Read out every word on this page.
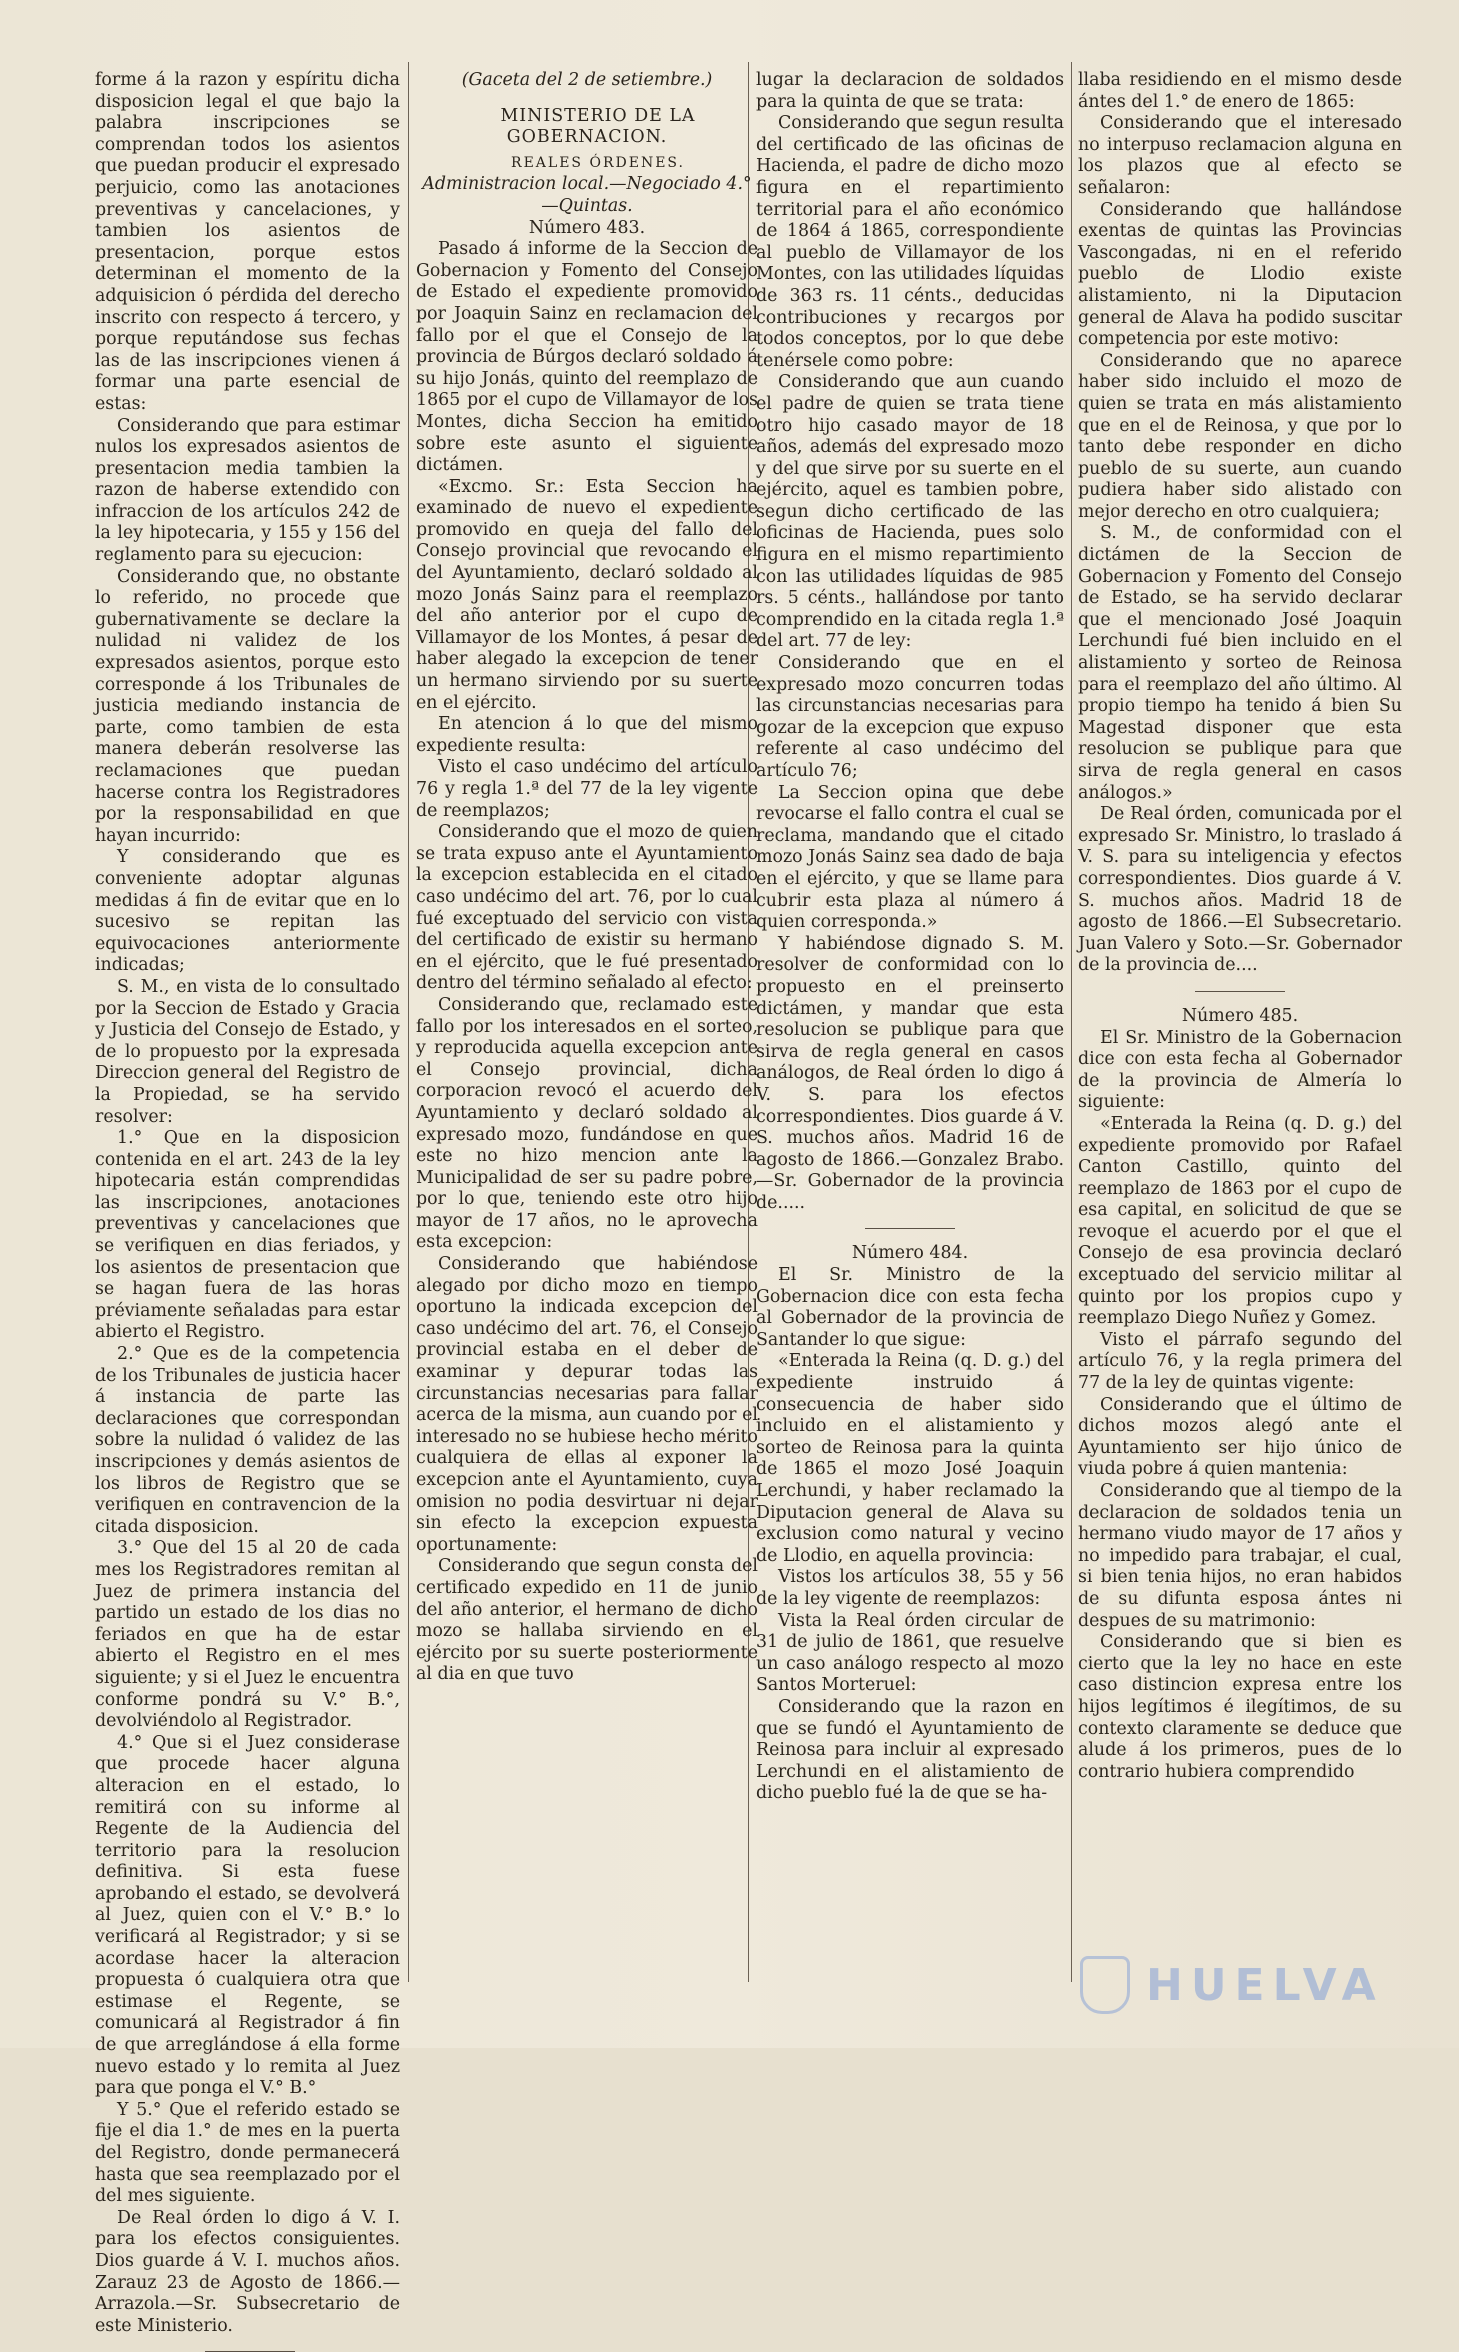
forme á la razon y espíritu dicha disposicion legal el que bajo la palabra inscripciones se comprendan todos los asientos que puedan producir el expresado perjuicio, como las anotaciones preventivas y cancelaciones, y tambien los asientos de presentacion, porque estos determinan el momento de la adquisicion ó pérdida del derecho inscrito con respecto á tercero, y porque reputándose sus fechas las de las inscripciones vienen á formar una parte esencial de estas:

Considerando que para estimar nulos los expresados asientos de presentacion media tambien la razon de haberse extendido con infraccion de los artículos 242 de la ley hipotecaria, y 155 y 156 del reglamento para su ejecucion:

Considerando que, no obstante lo referido, no procede que gubernativamente se declare la nulidad ni validez de los expresados asientos, porque esto corresponde á los Tribunales de justicia mediando instancia de parte, como tambien de esta manera deberán resolverse las reclamaciones que puedan hacerse contra los Registradores por la responsabilidad en que hayan incurrido:

Y considerando que es conveniente adoptar algunas medidas á fin de evitar que en lo sucesivo se repitan las equivocaciones anteriormente indicadas;

S. M., en vista de lo consultado por la Seccion de Estado y Gracia y Justicia del Consejo de Estado, y de lo propuesto por la expresada Direccion general del Registro de la Propiedad, se ha servido resolver:

1.° Que en la disposicion contenida en el art. 243 de la ley hipotecaria están comprendidas las inscripciones, anotaciones preventivas y cancelaciones que se verifiquen en dias feriados, y los asientos de presentacion que se hagan fuera de las horas préviamente señaladas para estar abierto el Registro.

2.° Que es de la competencia de los Tribunales de justicia hacer á instancia de parte las declaraciones que correspondan sobre la nulidad ó validez de las inscripciones y demás asientos de los libros de Registro que se verifiquen en contravencion de la citada disposicion.

3.° Que del 15 al 20 de cada mes los Registradores remitan al Juez de primera instancia del partido un estado de los dias no feriados en que ha de estar abierto el Registro en el mes siguiente; y si el Juez le encuentra conforme pondrá su V.° B.°, devolviéndolo al Registrador.

4.° Que si el Juez considerase que procede hacer alguna alteracion en el estado, lo remitirá con su informe al Regente de la Audiencia del territorio para la resolucion definitiva. Si esta fuese aprobando el estado, se devolverá al Juez, quien con el V.° B.° lo verificará al Registrador; y si se acordase hacer la alteracion propuesta ó cualquiera otra que estimase el Regente, se comunicará al Registrador á fin de que arreglándose á ella forme nuevo estado y lo remita al Juez para que ponga el V.° B.°

Y 5.° Que el referido estado se fije el dia 1.° de mes en la puerta del Registro, donde permanecerá hasta que sea reemplazado por el del mes siguiente.

De Real órden lo digo á V. I. para los efectos consiguientes. Dios guarde á V. I. muchos años. Zarauz 23 de Agosto de 1866.—Arrazola.—Sr. Subsecretario de este Ministerio.

(Gaceta del 2 de setiembre.)

MINISTERIO DE LA GOBERNACION.

REALES ÓRDENES.

Administracion local.—Negociado 4.°—Quintas.

Número 483.

Pasado á informe de la Seccion de Gobernacion y Fomento del Consejo de Estado el expediente promovido por Joaquin Sainz en reclamacion del fallo por el que el Consejo de la provincia de Búrgos declaró soldado á su hijo Jonás, quinto del reemplazo de 1865 por el cupo de Villamayor de los Montes, dicha Seccion ha emitido sobre este asunto el siguiente dictámen.

«Excmo. Sr.: Esta Seccion ha examinado de nuevo el expediente promovido en queja del fallo del Consejo provincial que revocando el del Ayuntamiento, declaró soldado al mozo Jonás Sainz para el reemplazo del año anterior por el cupo de Villamayor de los Montes, á pesar de haber alegado la excepcion de tener un hermano sirviendo por su suerte en el ejército.

En atencion á lo que del mismo expediente resulta:

Visto el caso undécimo del artículo 76 y regla 1.ª del 77 de la ley vigente de reemplazos;

Considerando que el mozo de quien se trata expuso ante el Ayuntamiento la excepcion establecida en el citado caso undécimo del art. 76, por lo cual fué exceptuado del servicio con vista del certificado de existir su hermano en el ejército, que le fué presentado dentro del término señalado al efecto:

Considerando que, reclamado este fallo por los interesados en el sorteo, y reproducida aquella excepcion ante el Consejo provincial, dicha corporacion revocó el acuerdo del Ayuntamiento y declaró soldado al expresado mozo, fundándose en que este no hizo mencion ante la Municipalidad de ser su padre pobre, por lo que, teniendo este otro hijo mayor de 17 años, no le aprovecha esta excepcion:

Considerando que habiéndose alegado por dicho mozo en tiempo oportuno la indicada excepcion del caso undécimo del art. 76, el Consejo provincial estaba en el deber de examinar y depurar todas las circunstancias necesarias para fallar acerca de la misma, aun cuando por el interesado no se hubiese hecho mérito cualquiera de ellas al exponer la excepcion ante el Ayuntamiento, cuya omision no podia desvirtuar ni dejar sin efecto la excepcion expuesta oportunamente:

Considerando que segun consta del certificado expedido en 11 de junio del año anterior, el hermano de dicho mozo se hallaba sirviendo en el ejército por su suerte posteriormente al dia en que tuvo

lugar la declaracion de soldados para la quinta de que se trata:

Considerando que segun resulta del certificado de las oficinas de Hacienda, el padre de dicho mozo figura en el repartimiento territorial para el año económico de 1864 á 1865, correspondiente al pueblo de Villamayor de los Montes, con las utilidades líquidas de 363 rs. 11 cénts., deducidas contribuciones y recargos por todos conceptos, por lo que debe tenérsele como pobre:

Considerando que aun cuando el padre de quien se trata tiene otro hijo casado mayor de 18 años, además del expresado mozo y del que sirve por su suerte en el ejército, aquel es tambien pobre, segun dicho certificado de las oficinas de Hacienda, pues solo figura en el mismo repartimiento con las utilidades líquidas de 985 rs. 5 cénts., hallándose por tanto comprendido en la citada regla 1.ª del art. 77 de ley:

Considerando que en el expresado mozo concurren todas las circunstancias necesarias para gozar de la excepcion que expuso referente al caso undécimo del artículo 76;

La Seccion opina que debe revocarse el fallo contra el cual se reclama, mandando que el citado mozo Jonás Sainz sea dado de baja en el ejército, y que se llame para cubrir esta plaza al número á quien corresponda.»

Y habiéndose dignado S. M. resolver de conformidad con lo propuesto en el preinserto dictámen, y mandar que esta resolucion se publique para que sirva de regla general en casos análogos, de Real órden lo digo á V. S. para los efectos correspondientes. Dios guarde á V. S. muchos años. Madrid 16 de agosto de 1866.—Gonzalez Brabo.—Sr. Gobernador de la provincia de.....

Número 484.

El Sr. Ministro de la Gobernacion dice con esta fecha al Gobernador de la provincia de Santander lo que sigue:

«Enterada la Reina (q. D. g.) del expediente instruido á consecuencia de haber sido incluido en el alistamiento y sorteo de Reinosa para la quinta de 1865 el mozo José Joaquin Lerchundi, y haber reclamado la Diputacion general de Alava su exclusion como natural y vecino de Llodio, en aquella provincia:

Vistos los artículos 38, 55 y 56 de la ley vigente de reemplazos:

Vista la Real órden circular de 31 de julio de 1861, que resuelve un caso análogo respecto al mozo Santos Morteruel:

Considerando que la razon en que se fundó el Ayuntamiento de Reinosa para incluir al expresado Lerchundi en el alistamiento de dicho pueblo fué la de que se ha-

llaba residiendo en el mismo desde ántes del 1.° de enero de 1865:

Considerando que el interesado no interpuso reclamacion alguna en los plazos que al efecto se señalaron:

Considerando que hallándose exentas de quintas las Provincias Vascongadas, ni en el referido pueblo de Llodio existe alistamiento, ni la Diputacion general de Alava ha podido suscitar competencia por este motivo:

Considerando que no aparece haber sido incluido el mozo de quien se trata en más alistamiento que en el de Reinosa, y que por lo tanto debe responder en dicho pueblo de su suerte, aun cuando pudiera haber sido alistado con mejor derecho en otro cualquiera;

S. M., de conformidad con el dictámen de la Seccion de Gobernacion y Fomento del Consejo de Estado, se ha servido declarar que el mencionado José Joaquin Lerchundi fué bien incluido en el alistamiento y sorteo de Reinosa para el reemplazo del año último. Al propio tiempo ha tenido á bien Su Magestad disponer que esta resolucion se publique para que sirva de regla general en casos análogos.»

De Real órden, comunicada por el expresado Sr. Ministro, lo traslado á V. S. para su inteligencia y efectos correspondientes. Dios guarde á V. S. muchos años. Madrid 18 de agosto de 1866.—El Subsecretario. Juan Valero y Soto.—Sr. Gobernador de la provincia de....

Número 485.

El Sr. Ministro de la Gobernacion dice con esta fecha al Gobernador de la provincia de Almería lo siguiente:

«Enterada la Reina (q. D. g.) del expediente promovido por Rafael Canton Castillo, quinto del reemplazo de 1863 por el cupo de esa capital, en solicitud de que se revoque el acuerdo por el que el Consejo de esa provincia declaró exceptuado del servicio militar al quinto por los propios cupo y reemplazo Diego Nuñez y Gomez.

Visto el párrafo segundo del artículo 76, y la regla primera del 77 de la ley de quintas vigente:

Considerando que el último de dichos mozos alegó ante el Ayuntamiento ser hijo único de viuda pobre á quien mantenia:

Considerando que al tiempo de la declaracion de soldados tenia un hermano viudo mayor de 17 años y no impedido para trabajar, el cual, si bien tenia hijos, no eran habidos de su difunta esposa ántes ni despues de su matrimonio:

Considerando que si bien es cierto que la ley no hace en este caso distincion expresa entre los hijos legítimos é ilegítimos, de su contexto claramente se deduce que alude á los primeros, pues de lo contrario hubiera comprendido

HUELVA
